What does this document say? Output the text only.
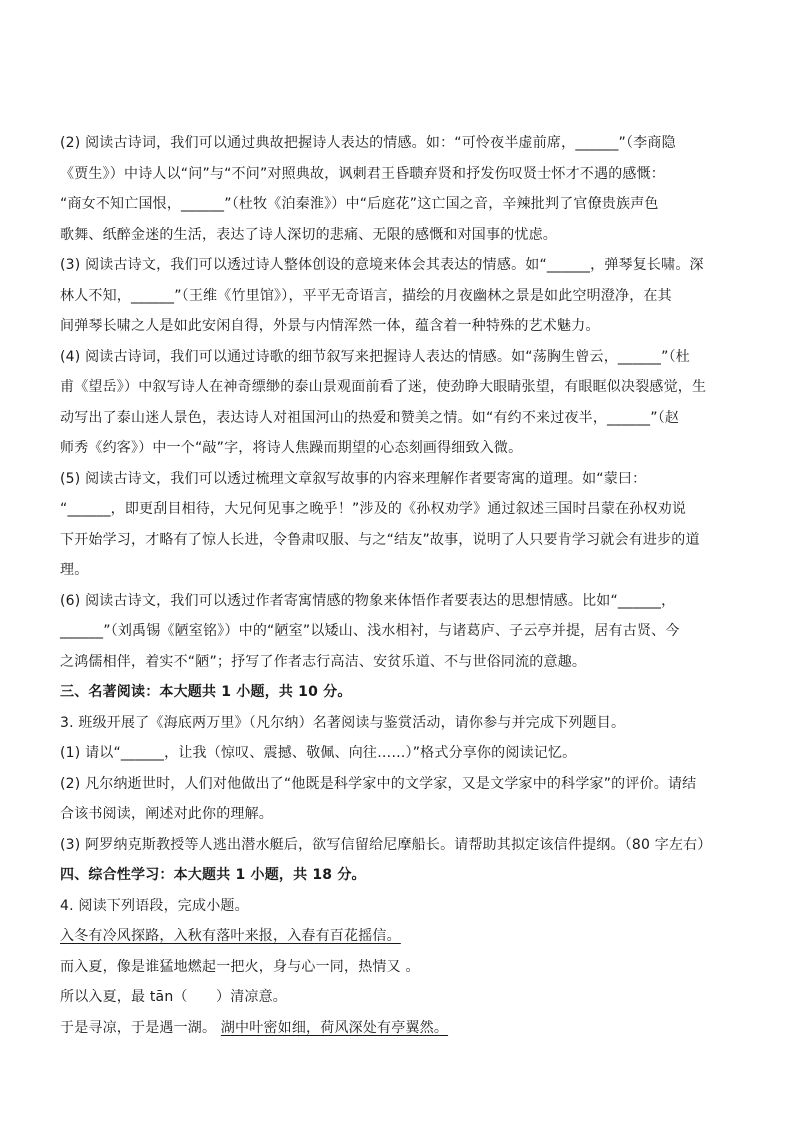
(2) 阅读古诗词，我们可以通过典故把握诗人表达的情感。如：“可怜夜半虚前席，______”（李商隐
《贾生》）中诗人以“问”与“不问”对照典故，讽刺君王昏聩弃贤和抒发伤叹贤士怀才不遇的感慨：
“商女不知亡国恨，______”（杜牧《泊秦淮》）中“后庭花”这亡国之音，辛辣批判了官僚贵族声色
歌舞、纸醉金迷的生活，表达了诗人深切的悲痛、无限的感慨和对国事的忧虑。
(3) 阅读古诗文，我们可以透过诗人整体创设的意境来体会其表达的情感。如“______，弹琴复长啸。深
林人不知，______”（王维《竹里馆》），平平无奇语言，描绘的月夜幽林之景是如此空明澄净，在其
间弹琴长啸之人是如此安闲自得，外景与内情浑然一体，蕴含着一种特殊的艺术魅力。
(4) 阅读古诗词，我们可以通过诗歌的细节叙写来把握诗人表达的情感。如“荡胸生曾云，______”（杜
甫《望岳》）中叙写诗人在神奇缥缈的泰山景观面前看了迷，使劲睁大眼睛张望，有眼眶似决裂感觉，生
动写出了泰山迷人景色，表达诗人对祖国河山的热爱和赞美之情。如“有约不来过夜半，______”（赵
师秀《约客》）中一个“敲”字，将诗人焦躁而期望的心态刻画得细致入微。
(5) 阅读古诗文，我们可以透过梳理文章叙写故事的内容来理解作者要寄寓的道理。如“蒙曰：
“______，即更刮目相待，大兄何见事之晚乎！”涉及的《孙权劝学》通过叙述三国时吕蒙在孙权劝说
下开始学习，才略有了惊人长进，令鲁肃叹服、与之“结友”故事，说明了人只要肯学习就会有进步的道
理。
(6) 阅读古诗文，我们可以透过作者寄寓情感的物象来体悟作者要表达的思想情感。比如“______，
______”（刘禹锡《陋室铭》）中的“陋室”以矮山、浅水相衬，与诸葛庐、子云亭并提，居有古贤、今
之鸿儒相伴，着实不“陋”；抒写了作者志行高洁、安贫乐道、不与世俗同流的意趣。
三、名著阅读：本大题共 1 小题，共 10 分。
3. 班级开展了《海底两万里》（凡尔纳）名著阅读与鉴赏活动，请你参与并完成下列题目。
(1) 请以“______，让我（惊叹、震撼、敬佩、向往……）”格式分享你的阅读记忆。
(2) 凡尔纳逝世时，人们对他做出了“他既是科学家中的文学家，又是文学家中的科学家”的评价。请结
合该书阅读，阐述对此你的理解。
(3) 阿罗纳克斯教授等人逃出潜水艇后，欲写信留给尼摩船长。请帮助其拟定该信件提纲。（80 字左右）
四、综合性学习：本大题共 1 小题，共 18 分。
4. 阅读下列语段，完成小题。
入冬有冷风探路，入秋有落叶来报，入春有百花摇信。
而入夏，像是谁猛地燃起一把火，身与心一同，热情又 。
所以入夏，最 tān（　　）清凉意。
于是寻凉，于是遇一湖。 湖中叶密如细，荷风深处有亭翼然。
